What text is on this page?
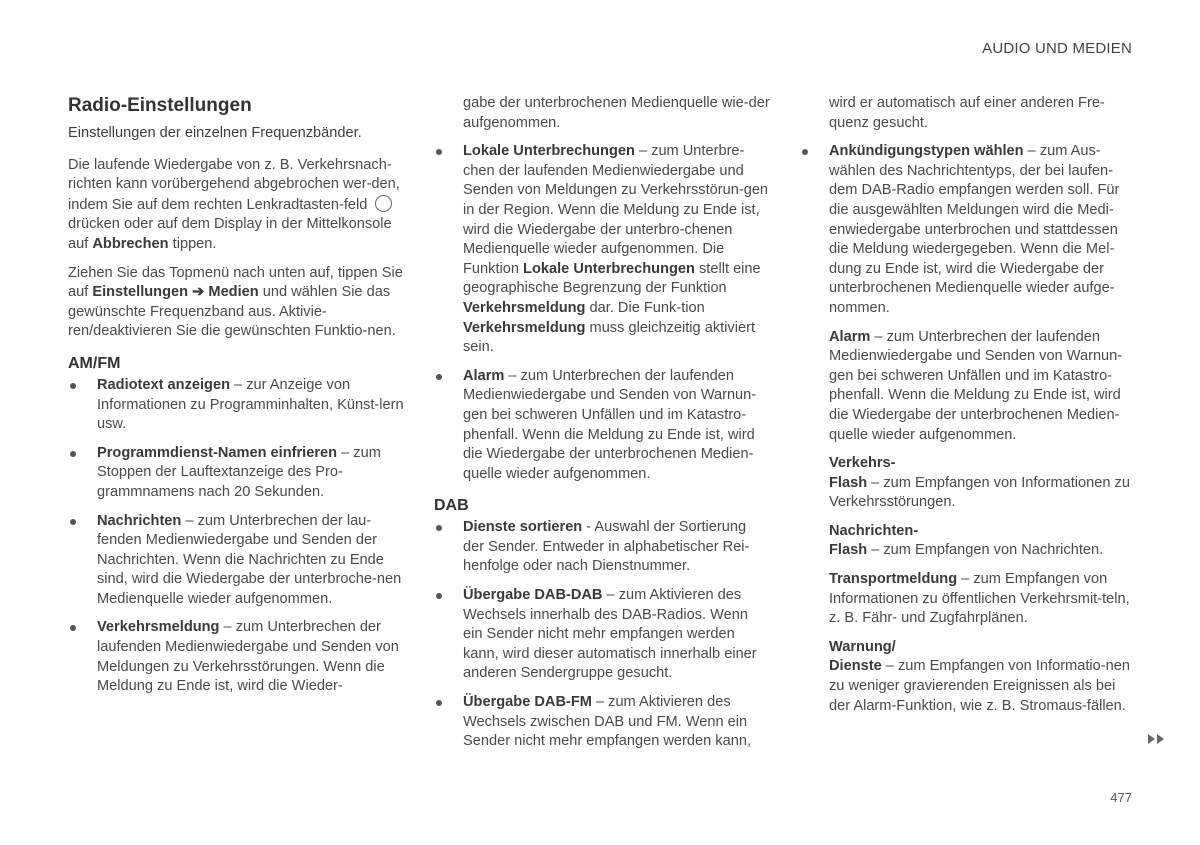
AUDIO UND MEDIEN
Radio-Einstellungen

Einstellungen der einzelnen Frequenzbänder.

Die laufende Wiedergabe von z. B. Verkehrsnach-richten kann vorübergehend abgebrochen wer-den, indem Sie auf dem rechten Lenkradtasten-felddrücken oder auf dem Display in der Mittelkonsole auf Abbrechen tippen.

Ziehen Sie das Topmenü nach unten auf, tippen Sie auf Einstellungen ➔ Medien und wählen Sie das gewünschte Frequenzband aus. Aktivie-ren/deaktivieren Sie die gewünschten Funktio-nen.

AM/FM
Radiotext anzeigen – zur Anzeige von Informationen zu Programminhalten, Künst-lern usw.
Programmdienst-Namen einfrieren – zum Stoppen der Lauftextanzeige des Pro-grammnamens nach 20 Sekunden.
Nachrichten – zum Unterbrechen der lau-fenden Medienwiedergabe und Senden der Nachrichten. Wenn die Nachrichten zu Ende sind, wird die Wiedergabe der unterbroche-nen Medienquelle wieder aufgenommen.
Verkehrsmeldung – zum Unterbrechen der laufenden Medienwiedergabe und Senden von Meldungen zu Verkehrsstörungen. Wenn die Meldung zu Ende ist, wird die Wieder-

gabe der unterbrochenen Medienquelle wie-der aufgenommen.

Lokale Unterbrechungen – zum Unterbre-chen der laufenden Medienwiedergabe und Senden von Meldungen zu Verkehrsstörun-gen in der Region. Wenn die Meldung zu Ende ist, wird die Wiedergabe der unterbro-chenen Medienquelle wieder aufgenommen. Die Funktion Lokale Unterbrechungen stellt eine geographische Begrenzung der Funktion Verkehrsmeldung dar. Die Funk-tion Verkehrsmeldung muss gleichzeitig aktiviert sein.
Alarm – zum Unterbrechen der laufenden Medienwiedergabe und Senden von Warnun-gen bei schweren Unfällen und im Katastro-phenfall. Wenn die Meldung zu Ende ist, wird die Wiedergabe der unterbrochenen Medien-quelle wieder aufgenommen.
DAB
Dienste sortieren - Auswahl der Sortierung der Sender. Entweder in alphabetischer Rei-henfolge oder nach Dienstnummer.
Übergabe DAB-DAB – zum Aktivieren des Wechsels innerhalb des DAB-Radios. Wenn ein Sender nicht mehr empfangen werden kann, wird dieser automatisch innerhalb einer anderen Sendergruppe gesucht.
Übergabe DAB-FM – zum Aktivieren des Wechsels zwischen DAB und FM. Wenn ein Sender nicht mehr empfangen werden kann,

wird er automatisch auf einer anderen Fre-quenz gesucht.

Ankündigungstypen wählen – zum Aus-wählen des Nachrichtentyps, der bei laufen-dem DAB-Radio empfangen werden soll. Für die ausgewählten Meldungen wird die Medi-enwiedergabe unterbrochen und stattdessen die Meldung wiedergegeben. Wenn die Mel-dung zu Ende ist, wird die Wiedergabe der unterbrochenen Medienquelle wieder aufge-nommen.

Alarm – zum Unterbrechen der laufenden Medienwiedergabe und Senden von Warnun-gen bei schweren Unfällen und im Katastro-phenfall. Wenn die Meldung zu Ende ist, wird die Wiedergabe der unterbrochenen Medien-quelle wieder aufgenommen.

Verkehrs-
Flash – zum Empfangen von Informationen zu Verkehrsstörungen.

Nachrichten-
Flash – zum Empfangen von Nachrichten.

Transportmeldung – zum Empfangen von Informationen zu öffentlichen Verkehrsmit-teln, z. B. Fähr- und Zugfahrplänen.

Warnung/
Dienste – zum Empfangen von Informatio-nen zu weniger gravierenden Ereignissen als bei der Alarm-Funktion, wie z. B. Stromaus-fällen.

477
